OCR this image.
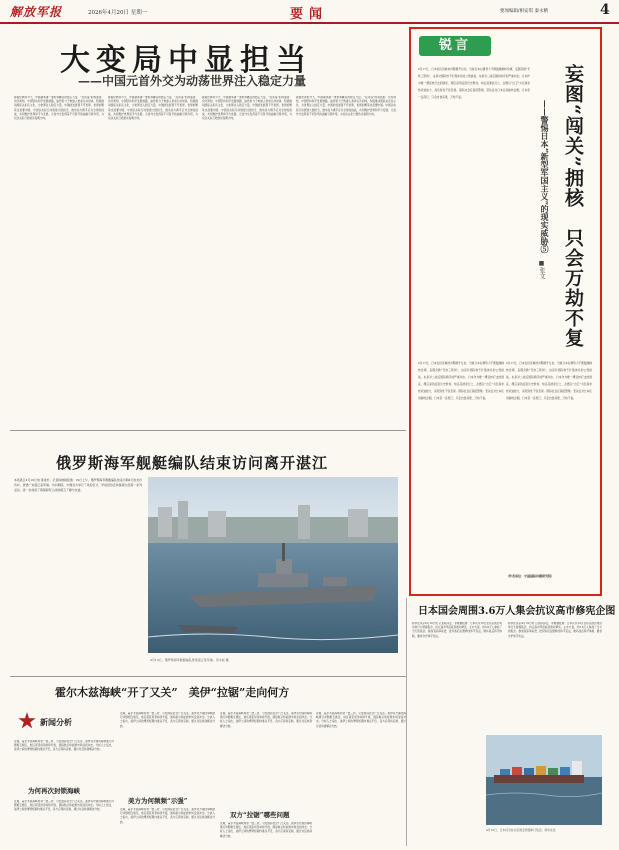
解放军报	2026年4月20日 星期一	要闻	要闻编辑/相安琪 秦永精	4
大变局中显担当
——中国元首外交为动荡世界注入稳定力量
看看世界的今天，中国越来越一道世界瞩目的稳定力量。“在动荡”的局面里：众所周知，中国坚持和平发展道路，始终致力于构建人类命运共同体，积极推动国际关系民主化，为世界注入稳定力量。中国的发展离不开世界，世界的繁荣也需要中国。中国以实际行动展现大国担当，推动各方携手应对全球性挑战，共同维护世界和平与发展。元首外交发挥着不可替代的战略引领作用，为双边关系行稳致远指明方向。
看看世界的今天，中国越来越一道世界瞩目的稳定力量。“在动荡”的局面里：众所周知，中国坚持和平发展道路，始终致力于构建人类命运共同体，积极推动国际关系民主化，为世界注入稳定力量。中国的发展离不开世界，世界的繁荣也需要中国。中国以实际行动展现大国担当，推动各方携手应对全球性挑战，共同维护世界和平与发展。元首外交发挥着不可替代的战略引领作用，为双边关系行稳致远指明方向。
看看世界的今天，中国越来越一道世界瞩目的稳定力量。“在动荡”的局面里：众所周知，中国坚持和平发展道路，始终致力于构建人类命运共同体，积极推动国际关系民主化，为世界注入稳定力量。中国的发展离不开世界，世界的繁荣也需要中国。中国以实际行动展现大国担当，推动各方携手应对全球性挑战，共同维护世界和平与发展。元首外交发挥着不可替代的战略引领作用，为双边关系行稳致远指明方向。
看看世界的今天，中国越来越一道世界瞩目的稳定力量。“在动荡”的局面里：众所周知，中国坚持和平发展道路，始终致力于构建人类命运共同体，积极推动国际关系民主化，为世界注入稳定力量。中国的发展离不开世界，世界的繁荣也需要中国。中国以实际行动展现大国担当，推动各方携手应对全球性挑战，共同维护世界和平与发展。元首外交发挥着不可替代的战略引领作用，为双边关系行稳致远指明方向。
锐言
妄图“闯关”拥核　只会万劫不复
——警惕日本“新型军国主义”的现实威胁⑤
■张文
4月17日，日本自民党就核问题展开讨论。当前日本右翼势力不断鼓噪拥核论调，妄图突破“无核三原则”，这是对国际核不扩散体系的公然挑战，也是对二战后国际秩序的严重冲击。日本作为唯一遭受核打击的国家，理应深刻反思历史教训，却反其道而行之，企图以“自卫”为名谋求核武装能力，其危险性不容忽视。国际社会应高度警惕，坚决反对日本任何拥核企图。日本若一意孤行，只会自食其果，万劫不复。
4月17日，日本自民党就核问题展开讨论。当前日本右翼势力不断鼓噪拥核论调，妄图突破“无核三原则”，这是对国际核不扩散体系的公然挑战，也是对二战后国际秩序的严重冲击。日本作为唯一遭受核打击的国家，理应深刻反思历史教训，却反其道而行之，企图以“自卫”为名谋求核武装能力，其危险性不容忽视。国际社会应高度警惕，坚决反对日本任何拥核企图。日本若一意孤行，只会自食其果，万劫不复。
4月17日，日本自民党就核问题展开讨论。当前日本右翼势力不断鼓噪拥核论调，妄图突破“无核三原则”，这是对国际核不扩散体系的公然挑战，也是对二战后国际秩序的严重冲击。日本作为唯一遭受核打击的国家，理应深刻反思历史教训，却反其道而行之，企图以“自卫”为名谋求核武装能力，其危险性不容忽视。国际社会应高度警惕，坚决反对日本任何拥核企图。日本若一意孤行，只会自食其果，万劫不复。
（作者单位：中国国际问题研究院）
俄罗斯海军舰艇编队结束访问离开湛江
本报湛江4月19日电 黄进轩、记者杨晓晨报道：19日上午，俄罗斯海军舰艇编队结束为期4天的友好访问，驶离广东湛江某军港。访问期间，中俄双方举行了欢迎仪式、甲板招待会和参观交流等一系列活动，进一步加深了两国海军之间的相互了解与友谊。
4月19日，俄罗斯海军舰艇编队驶离湛江某军港。邓木彪 摄
霍尔木兹海峡“开了又关”　美伊“拉锯”走向何方
新闻分析
近期，霍尔木兹海峡局势一波三折，引发国际社会广泛关注。美伊双方围绕海峡通行问题相互施压，地区紧张局势持续升级，国际航运和能源市场受到冲击。分析人士指出，美伊之间的博弈短期内难以平息，各方应保持克制，通过对话协商解决分歧。
为何再次封锁海峡
近期，霍尔木兹海峡局势一波三折，引发国际社会广泛关注。美伊双方围绕海峡通行问题相互施压，地区紧张局势持续升级，国际航运和能源市场受到冲击。分析人士指出，美伊之间的博弈短期内难以平息，各方应保持克制，通过对话协商解决分歧。
近期，霍尔木兹海峡局势一波三折，引发国际社会广泛关注。美伊双方围绕海峡通行问题相互施压，地区紧张局势持续升级，国际航运和能源市场受到冲击。分析人士指出，美伊之间的博弈短期内难以平息，各方应保持克制，通过对话协商解决分歧。
美方为何频频“示强”
近期，霍尔木兹海峡局势一波三折，引发国际社会广泛关注。美伊双方围绕海峡通行问题相互施压，地区紧张局势持续升级，国际航运和能源市场受到冲击。分析人士指出，美伊之间的博弈短期内难以平息，各方应保持克制，通过对话协商解决分歧。
近期，霍尔木兹海峡局势一波三折，引发国际社会广泛关注。美伊双方围绕海峡通行问题相互施压，地区紧张局势持续升级，国际航运和能源市场受到冲击。分析人士指出，美伊之间的博弈短期内难以平息，各方应保持克制，通过对话协商解决分歧。
双方“拉锯”哪些问题
近期，霍尔木兹海峡局势一波三折，引发国际社会广泛关注。美伊双方围绕海峡通行问题相互施压，地区紧张局势持续升级，国际航运和能源市场受到冲击。分析人士指出，美伊之间的博弈短期内难以平息，各方应保持克制，通过对话协商解决分歧。
近期，霍尔木兹海峡局势一波三折，引发国际社会广泛关注。美伊双方围绕海峡通行问题相互施压，地区紧张局势持续升级，国际航运和能源市场受到冲击。分析人士指出，美伊之间的博弈短期内难以平息，各方应保持克制，通过对话协商解决分歧。
日本国会周围3.6万人集会抗议高市修宪企图
新华社东京4月19日电 记者陈泽安、李雅谦报道：日本民众19日在东京国会周边举行大规模集会，抗议高市早苗政府推动修宪。主办方说，约3.6万人参加了当天的集会。参加者高举标语，批评政府企图修改和平宪法，破坏战后和平体制，要求守护和平宪法。
新华社东京4月19日电 记者陈泽安、李雅谦报道：日本民众19日在东京国会周边举行大规模集会，抗议高市早苗政府推动修宪。主办方说，约3.6万人参加了当天的集会。参加者高举标语，批评政府企图修改和平宪法，破坏战后和平体制，要求守护和平宪法。
4月19日，日本民众在东京国会周围举行集会。新华社发
